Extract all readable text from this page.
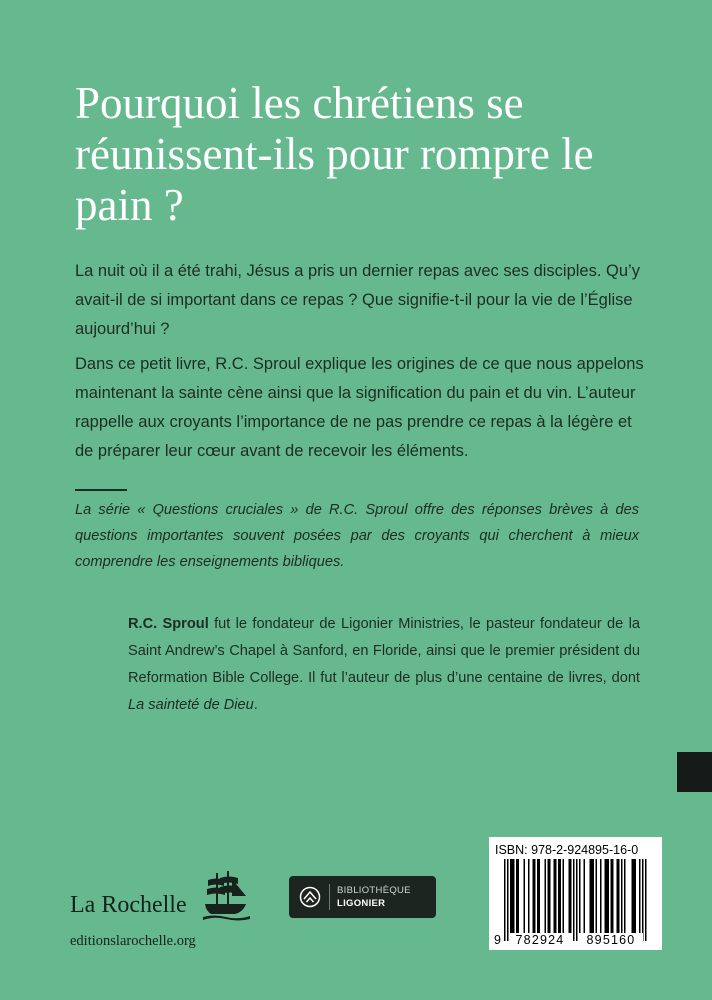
Pourquoi les chrétiens se réunissent-ils pour rompre le pain ?

La nuit où il a été trahi, Jésus a pris un dernier repas avec ses disciples. Qu’y avait-il de si important dans ce repas ? Que signifie-t-il pour la vie de l’Église aujourd’hui ?

Dans ce petit livre, R.C. Sproul explique les origines de ce que nous appelons maintenant la sainte cène ainsi que la signification du pain et du vin. L’auteur rappelle aux croyants l’importance de ne pas prendre ce repas à la légère et de préparer leur cœur avant de recevoir les éléments.

La série « Questions cruciales » de R.C. Sproul offre des réponses brèves à des questions importantes souvent posées par des croyants qui cherchent à mieux comprendre les enseignements bibliques.

R.C. Sproul fut le fondateur de Ligonier Ministries, le pasteur fondateur de la Saint Andrew’s Chapel à Sanford, en Floride, ainsi que le premier président du Reformation Bible College. Il fut l’auteur de plus d’une centaine de livres, dont La sainteté de Dieu.

La Rochelle
editionslarochelle.org
BIBLIOTHÈQUE
LIGONIER
ISBN: 978-2-924895-16-0
9	782924	895160
